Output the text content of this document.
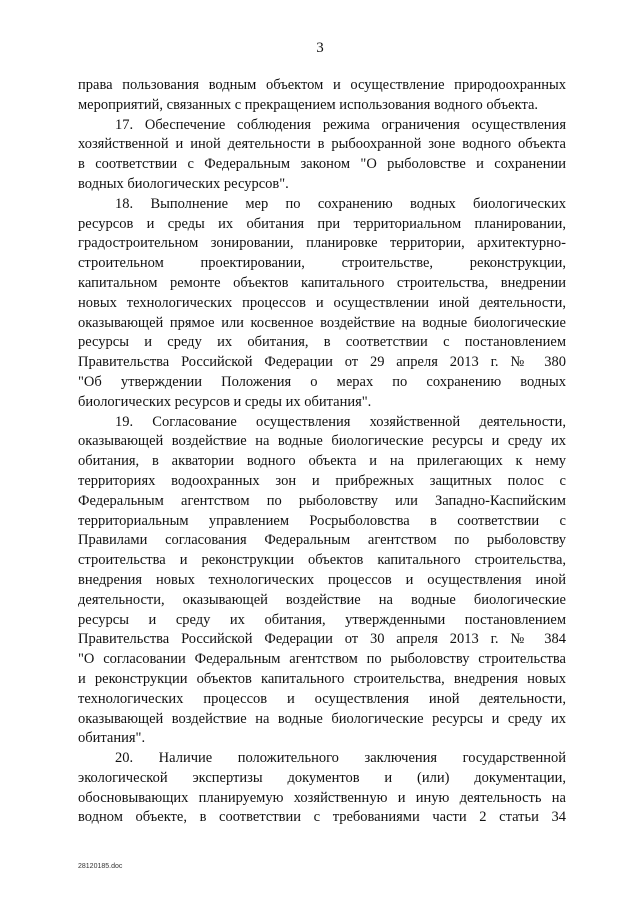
3
права пользования водным объектом и осуществление природоохранных
мероприятий, связанных с прекращением использования водного объекта.
17. Обеспечение соблюдения режима ограничения осуществления
хозяйственной и иной деятельности в рыбоохранной зоне водного объекта
в соответствии с Федеральным законом "О рыболовстве и сохранении
водных биологических ресурсов".
18. Выполнение мер по сохранению водных биологических
ресурсов и среды их обитания при территориальном планировании,
градостроительном зонировании, планировке территории, архитектурно-
строительном проектировании, строительстве, реконструкции,
капитальном ремонте объектов капитального строительства, внедрении
новых технологических процессов и осуществлении иной деятельности,
оказывающей прямое или косвенное воздействие на водные биологические
ресурсы и среду их обитания, в соответствии с постановлением
Правительства Российской Федерации от 29 апреля 2013 г. № 380
"Об утверждении Положения о мерах по сохранению водных
биологических ресурсов и среды их обитания".
19. Согласование осуществления хозяйственной деятельности,
оказывающей воздействие на водные биологические ресурсы и среду их
обитания, в акватории водного объекта и на прилегающих к нему
территориях водоохранных зон и прибрежных защитных полос с
Федеральным агентством по рыболовству или Западно-Каспийским
территориальным управлением Росрыболовства в соответствии с
Правилами согласования Федеральным агентством по рыболовству
строительства и реконструкции объектов капитального строительства,
внедрения новых технологических процессов и осуществления иной
деятельности, оказывающей воздействие на водные биологические
ресурсы и среду их обитания, утвержденными постановлением
Правительства Российской Федерации от 30 апреля 2013 г. № 384
"О согласовании Федеральным агентством по рыболовству строительства
и реконструкции объектов капитального строительства, внедрения новых
технологических процессов и осуществления иной деятельности,
оказывающей воздействие на водные биологические ресурсы и среду их
обитания".
20. Наличие положительного заключения государственной
экологической экспертизы документов и (или) документации,
обосновывающих планируемую хозяйственную и иную деятельность на
водном объекте, в соответствии с требованиями части 2 статьи 34
28120185.doc
